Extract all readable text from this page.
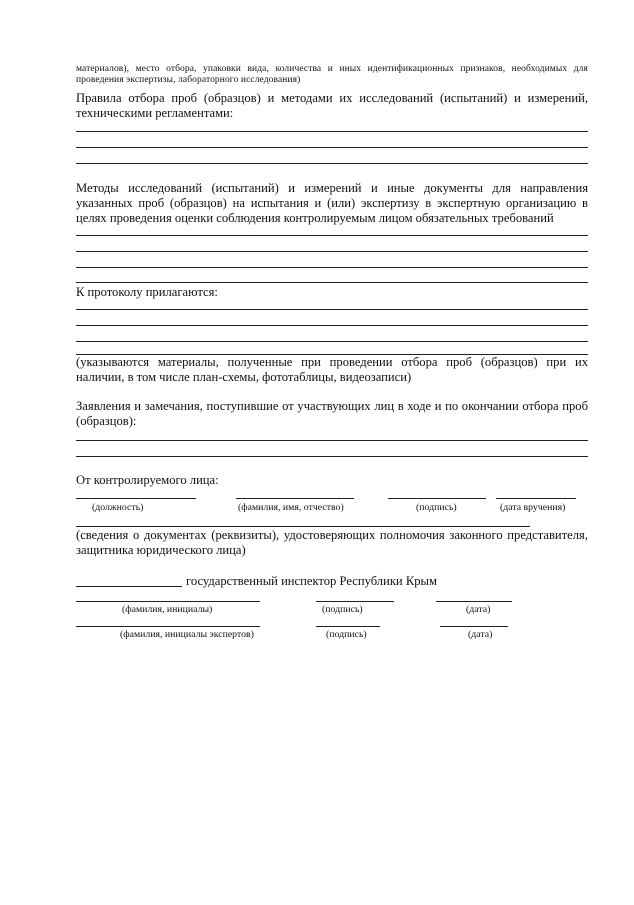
материалов), место отбора, упаковки вида, количества и иных идентификационных признаков, необходимых для проведения экспертизы, лабораторного исследования)
Правила отбора проб (образцов) и методами их исследований (испытаний) и измерений, техническими регламентами:
Методы исследований (испытаний) и измерений и иные документы для направления указанных проб (образцов) на испытания и (или) экспертизу в экспертную организацию в целях проведения оценки соблюдения контролируемым лицом обязательных требований
К протоколу прилагаются:
(указываются материалы, полученные при проведении отбора проб (образцов) при их наличии, в том числе план-схемы, фототаблицы, видеозаписи)
Заявления и замечания, поступившие от участвующих лиц в ходе и по окончании отбора проб (образцов):
От контролируемого лица:
(должность)	(фамилия, имя, отчество)	(подпись)	(дата вручения)
(сведения о документах (реквизиты), удостоверяющих полномочия законного представителя, защитника юридического лица)
государственный инспектор Республики Крым
(фамилия, инициалы)	(подпись)	(дата)
(фамилия, инициалы экспертов)	(подпись)	(дата)
